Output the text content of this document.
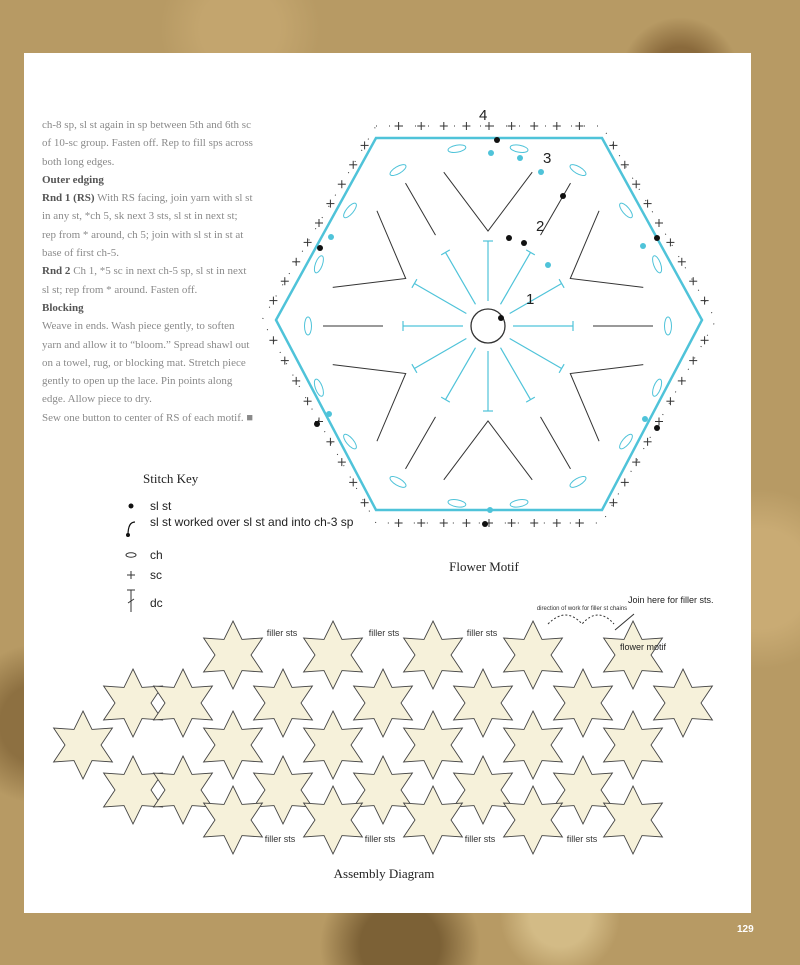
ch-8 sp, sl st again in sp between 5th and 6th sc of 10-sc group. Fasten off. Rep to fill sps across both long edges.

Outer edging

Rnd 1 (RS) With RS facing, join yarn with sl st in any st, *ch 5, sk next 3 sts, sl st in next st; rep from * around, ch 5; join with sl st in st at base of first ch-5.

Rnd 2 Ch 1, *5 sc in next ch-5 sp, sl st in next sl st; rep from * around. Fasten off.

Blocking

Weave in ends. Wash piece gently, to soften yarn and allow it to “bloom.” Spread shawl out on a towel, rug, or blocking mat. Stretch piece gently to open up the lace. Pin points along edge. Allow piece to dry.

Sew one button to center of RS of each motif. ■

1
2
3
4
Flower Motif
Stitch Key
sl st
sl st worked over sl st and into ch-3 sp
ch
sc
dc
filler sts	filler sts	filler sts
filler sts	filler sts	filler sts	filler sts
direction of work for filler st chains
Join here for filler sts.
flower motif
Assembly Diagram
129
